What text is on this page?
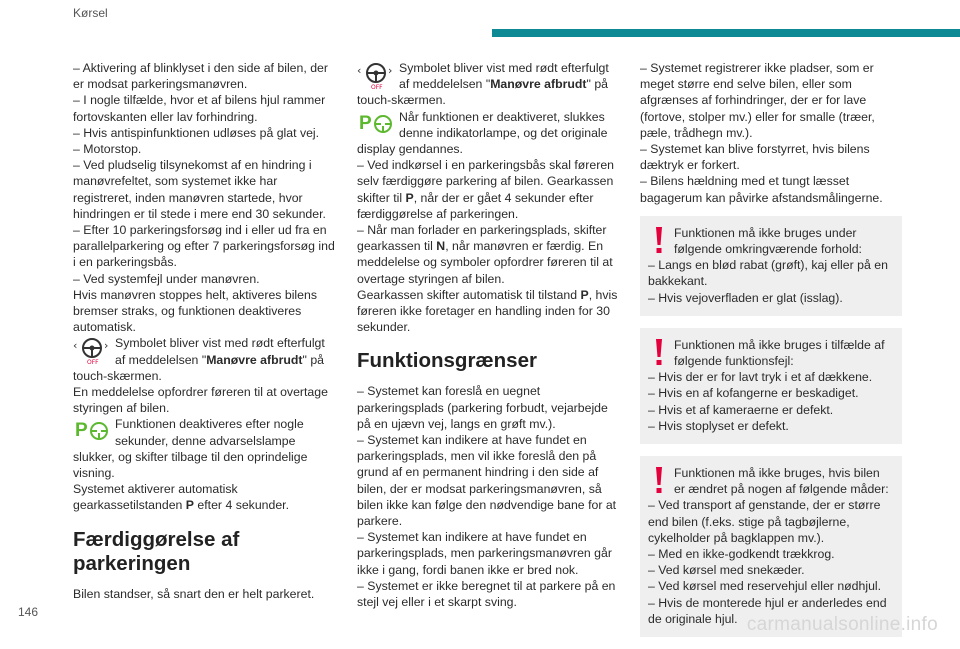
Kørsel

– Aktivering af blinklyset i den side af bilen, der er modsat parkeringsmanøvren.

– I nogle tilfælde, hvor et af bilens hjul rammer fortovskanten eller lav forhindring.

– Hvis antispinfunktionen udløses på glat vej.

– Motorstop.

– Ved pludselig tilsynekomst af en hindring i manøvrefeltet, som systemet ikke har registreret, inden manøvren startede, hvor hindringen er til stede i mere end 30 sekunder.

– Efter 10 parkeringsforsøg ind i eller ud fra en parallelparkering og efter 7 parkeringsforsøg ind i en parkeringsbås.

– Ved systemfejl under manøvren.

Hvis manøvren stoppes helt, aktiveres bilens bremser straks, og funktionen deaktiveres automatisk.

‹ ›
OFF
Symbolet bliver vist med rødt efterfulgt af meddelelsen "Manøvre afbrudt" på touch-skærmen.

En meddelelse opfordrer føreren til at overtage styringen af bilen.

P Funktionen deaktiveres efter nogle sekunder, denne advarselslampe slukker, og skifter tilbage til den oprindelige visning.

Systemet aktiverer automatisk gearkassetilstanden P efter 4 sekunder.

Færdiggørelse af parkeringen

Bilen standser, så snart den er helt parkeret.

‹ ›
OFF
Symbolet bliver vist med rødt efterfulgt af meddelelsen "Manøvre afbrudt" på touch-skærmen.

P Når funktionen er deaktiveret, slukkes denne indikatorlampe, og det originale display gendannes.

– Ved indkørsel i en parkeringsbås skal føreren selv færdiggøre parkering af bilen. Gearkassen skifter til P, når der er gået 4 sekunder efter færdiggørelse af parkeringen.

– Når man forlader en parkeringsplads, skifter gearkassen til N, når manøvren er færdig. En meddelelse og symboler opfordrer føreren til at overtage styringen af bilen.

Gearkassen skifter automatisk til tilstand P, hvis føreren ikke foretager en handling inden for 30 sekunder.

Funktionsgrænser

– Systemet kan foreslå en uegnet parkeringsplads (parkering forbudt, vejarbejde på en ujævn vej, langs en grøft mv.).

– Systemet kan indikere at have fundet en parkeringsplads, men vil ikke foreslå den på grund af en permanent hindring i den side af bilen, der er modsat parkeringsmanøvren, så bilen ikke kan følge den nødvendige bane for at parkere.

– Systemet kan indikere at have fundet en parkeringsplads, men parkeringsmanøvren går ikke i gang, fordi banen ikke er bred nok.

– Systemet er ikke beregnet til at parkere på en stejl vej eller i et skarpt sving.

– Systemet registrerer ikke pladser, som er meget større end selve bilen, eller som afgrænses af forhindringer, der er for lave (fortove, stolper mv.) eller for smalle (træer, pæle, trådhegn mv.).

– Systemet kan blive forstyrret, hvis bilens dæktryk er forkert.

– Bilens hældning med et tungt læsset bagagerum kan påvirke afstandsmålingerne.

Funktionen må ikke bruges under følgende omkringværende forhold:

– Langs en blød rabat (grøft), kaj eller på en bakkekant.

– Hvis vejoverfladen er glat (isslag).

Funktionen må ikke bruges i tilfælde af følgende funktionsfejl:

– Hvis der er for lavt tryk i et af dækkene.

– Hvis en af kofangerne er beskadiget.

– Hvis et af kameraerne er defekt.

– Hvis stoplyset er defekt.

Funktionen må ikke bruges, hvis bilen er ændret på nogen af følgende måder:

– Ved transport af genstande, der er større end bilen (f.eks. stige på tagbøjlerne, cykelholder på bagklappen mv.).

– Med en ikke-godkendt trækkrog.

– Ved kørsel med snekæder.

– Ved kørsel med reservehjul eller nødhjul.

– Hvis de monterede hjul er anderledes end de originale hjul.

146
carmanualsonline.info
